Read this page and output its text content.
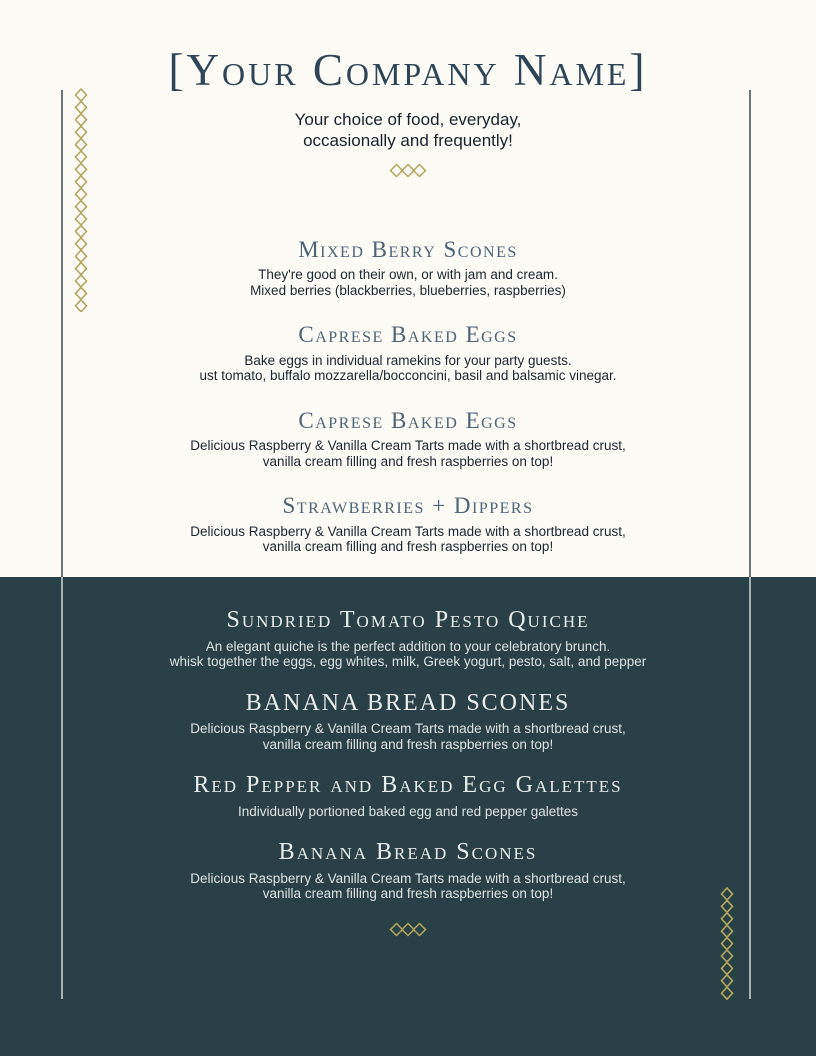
[Your Company Name]
Your choice of food, everyday,
occasionally and frequently!
Mixed Berry Scones

They're good on their own, or with jam and cream.

Mixed berries (blackberries, blueberries, raspberries)

Caprese Baked Eggs

Bake eggs in individual ramekins for your party guests.

ust tomato, buffalo mozzarella/bocconcini, basil and balsamic vinegar.

Caprese Baked Eggs

Delicious Raspberry & Vanilla Cream Tarts made with a shortbread crust,

vanilla cream filling and fresh raspberries on top!

Strawberries + Dippers

Delicious Raspberry & Vanilla Cream Tarts made with a shortbread crust,

vanilla cream filling and fresh raspberries on top!

Sundried Tomato Pesto Quiche

An elegant quiche is the perfect addition to your celebratory brunch.

whisk together the eggs, egg whites, milk, Greek yogurt, pesto, salt, and pepper

BANANA BREAD SCONES

Delicious Raspberry & Vanilla Cream Tarts made with a shortbread crust,

vanilla cream filling and fresh raspberries on top!

Red Pepper and Baked Egg Galettes

Individually portioned baked egg and red pepper galettes

Banana Bread Scones

Delicious Raspberry & Vanilla Cream Tarts made with a shortbread crust,

vanilla cream filling and fresh raspberries on top!
